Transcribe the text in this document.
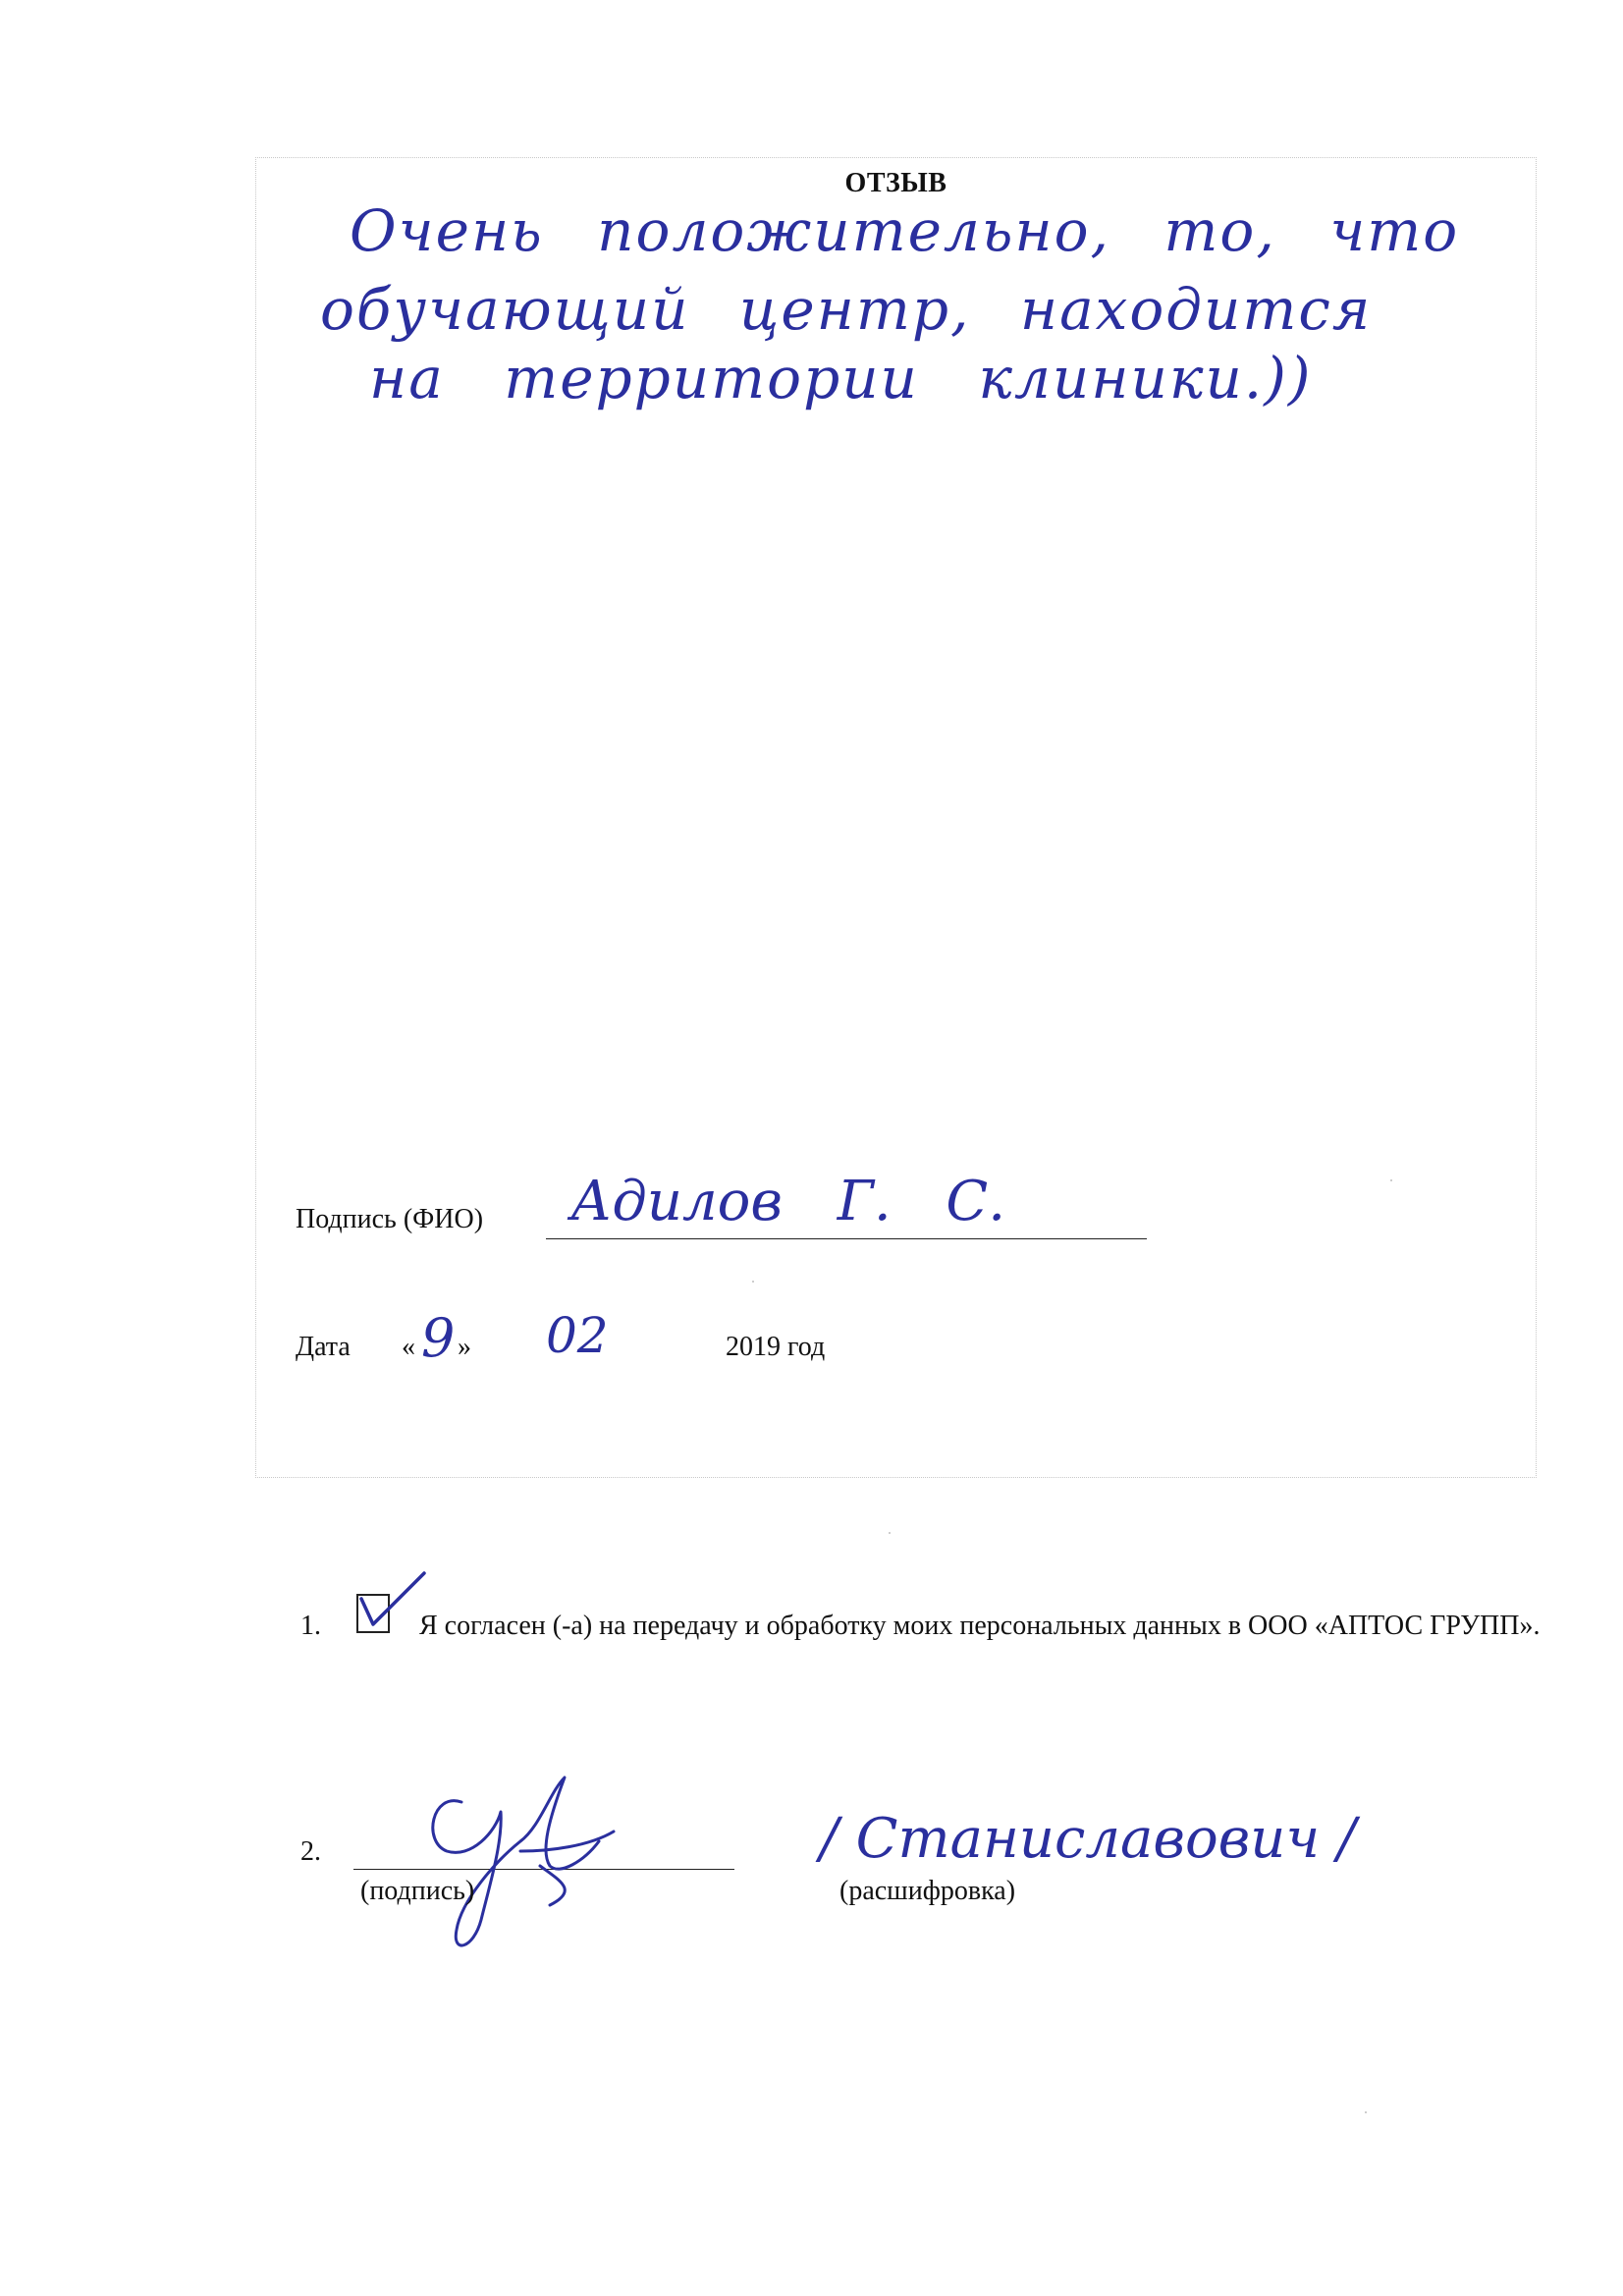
ОТЗЫВ
Очень положительно, то, что
обучающий центр, находится
на территории клиники.))
Подпись (ФИО) Адилов Г. С.
Дата « 9 » 02	2019 год
1.	Я согласен (-а) на передачу и обработку моих персональных данных в ООО «АПТОС ГРУПП».
2.
(подпись)
/ Станиславович /
(расшифровка)
